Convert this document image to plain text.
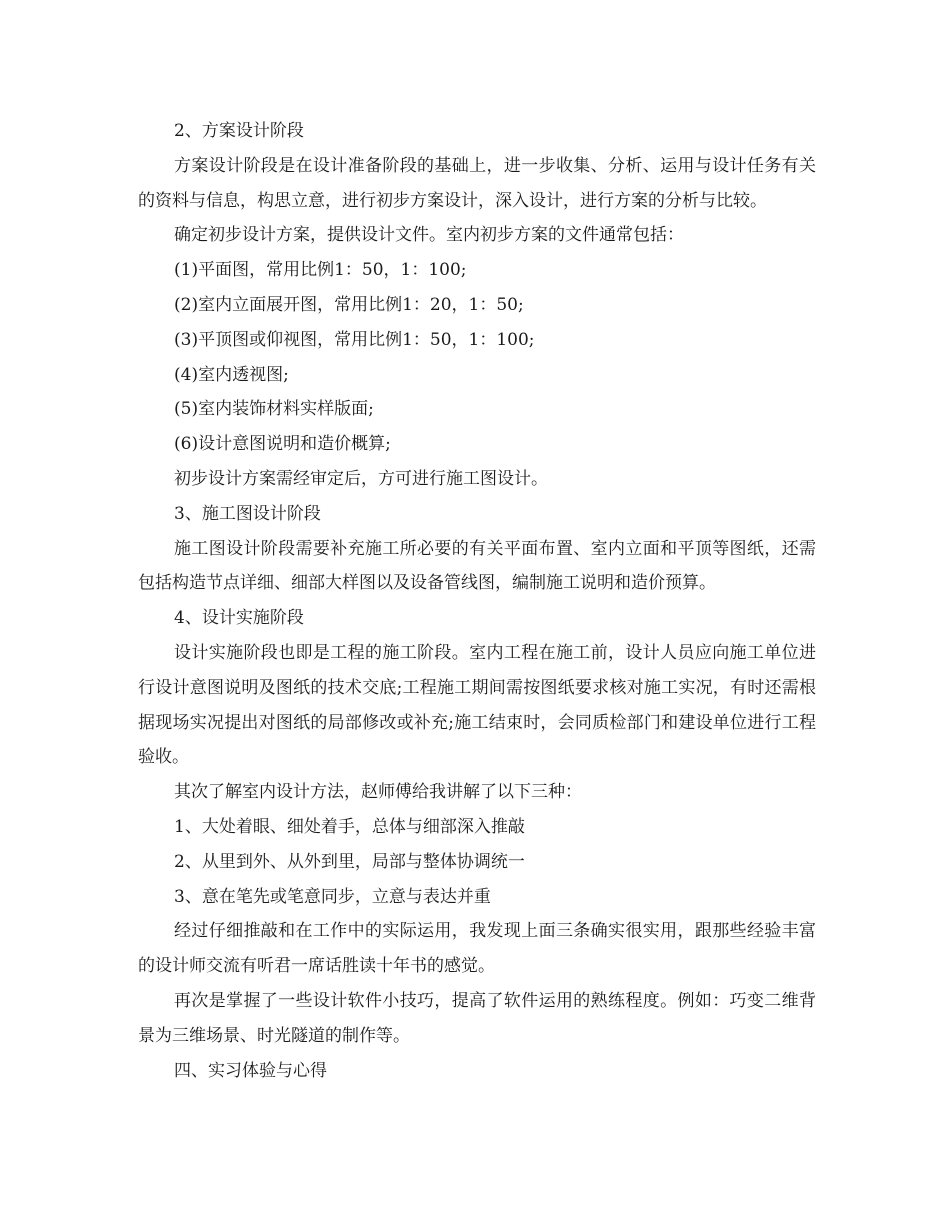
2、方案设计阶段

方案设计阶段是在设计准备阶段的基础上，进一步收集、分析、运用与设计任务有关的资料与信息，构思立意，进行初步方案设计，深入设计，进行方案的分析与比较。

确定初步设计方案，提供设计文件。室内初步方案的文件通常包括：

(1)平面图，常用比例1：50，1：100;

(2)室内立面展开图，常用比例1：20，1：50;

(3)平顶图或仰视图，常用比例1：50，1：100;

(4)室内透视图;

(5)室内装饰材料实样版面;

(6)设计意图说明和造价概算;

初步设计方案需经审定后，方可进行施工图设计。

3、施工图设计阶段

施工图设计阶段需要补充施工所必要的有关平面布置、室内立面和平顶等图纸，还需包括构造节点详细、细部大样图以及设备管线图，编制施工说明和造价预算。

4、设计实施阶段

设计实施阶段也即是工程的施工阶段。室内工程在施工前，设计人员应向施工单位进行设计意图说明及图纸的技术交底;工程施工期间需按图纸要求核对施工实况，有时还需根据现场实况提出对图纸的局部修改或补充;施工结束时，会同质检部门和建设单位进行工程验收。

其次了解室内设计方法，赵师傅给我讲解了以下三种：

1、大处着眼、细处着手，总体与细部深入推敲

2、从里到外、从外到里，局部与整体协调统一

3、意在笔先或笔意同步，立意与表达并重

经过仔细推敲和在工作中的实际运用，我发现上面三条确实很实用，跟那些经验丰富的设计师交流有听君一席话胜读十年书的感觉。

再次是掌握了一些设计软件小技巧，提高了软件运用的熟练程度。例如：巧变二维背景为三维场景、时光隧道的制作等。

四、实习体验与心得
